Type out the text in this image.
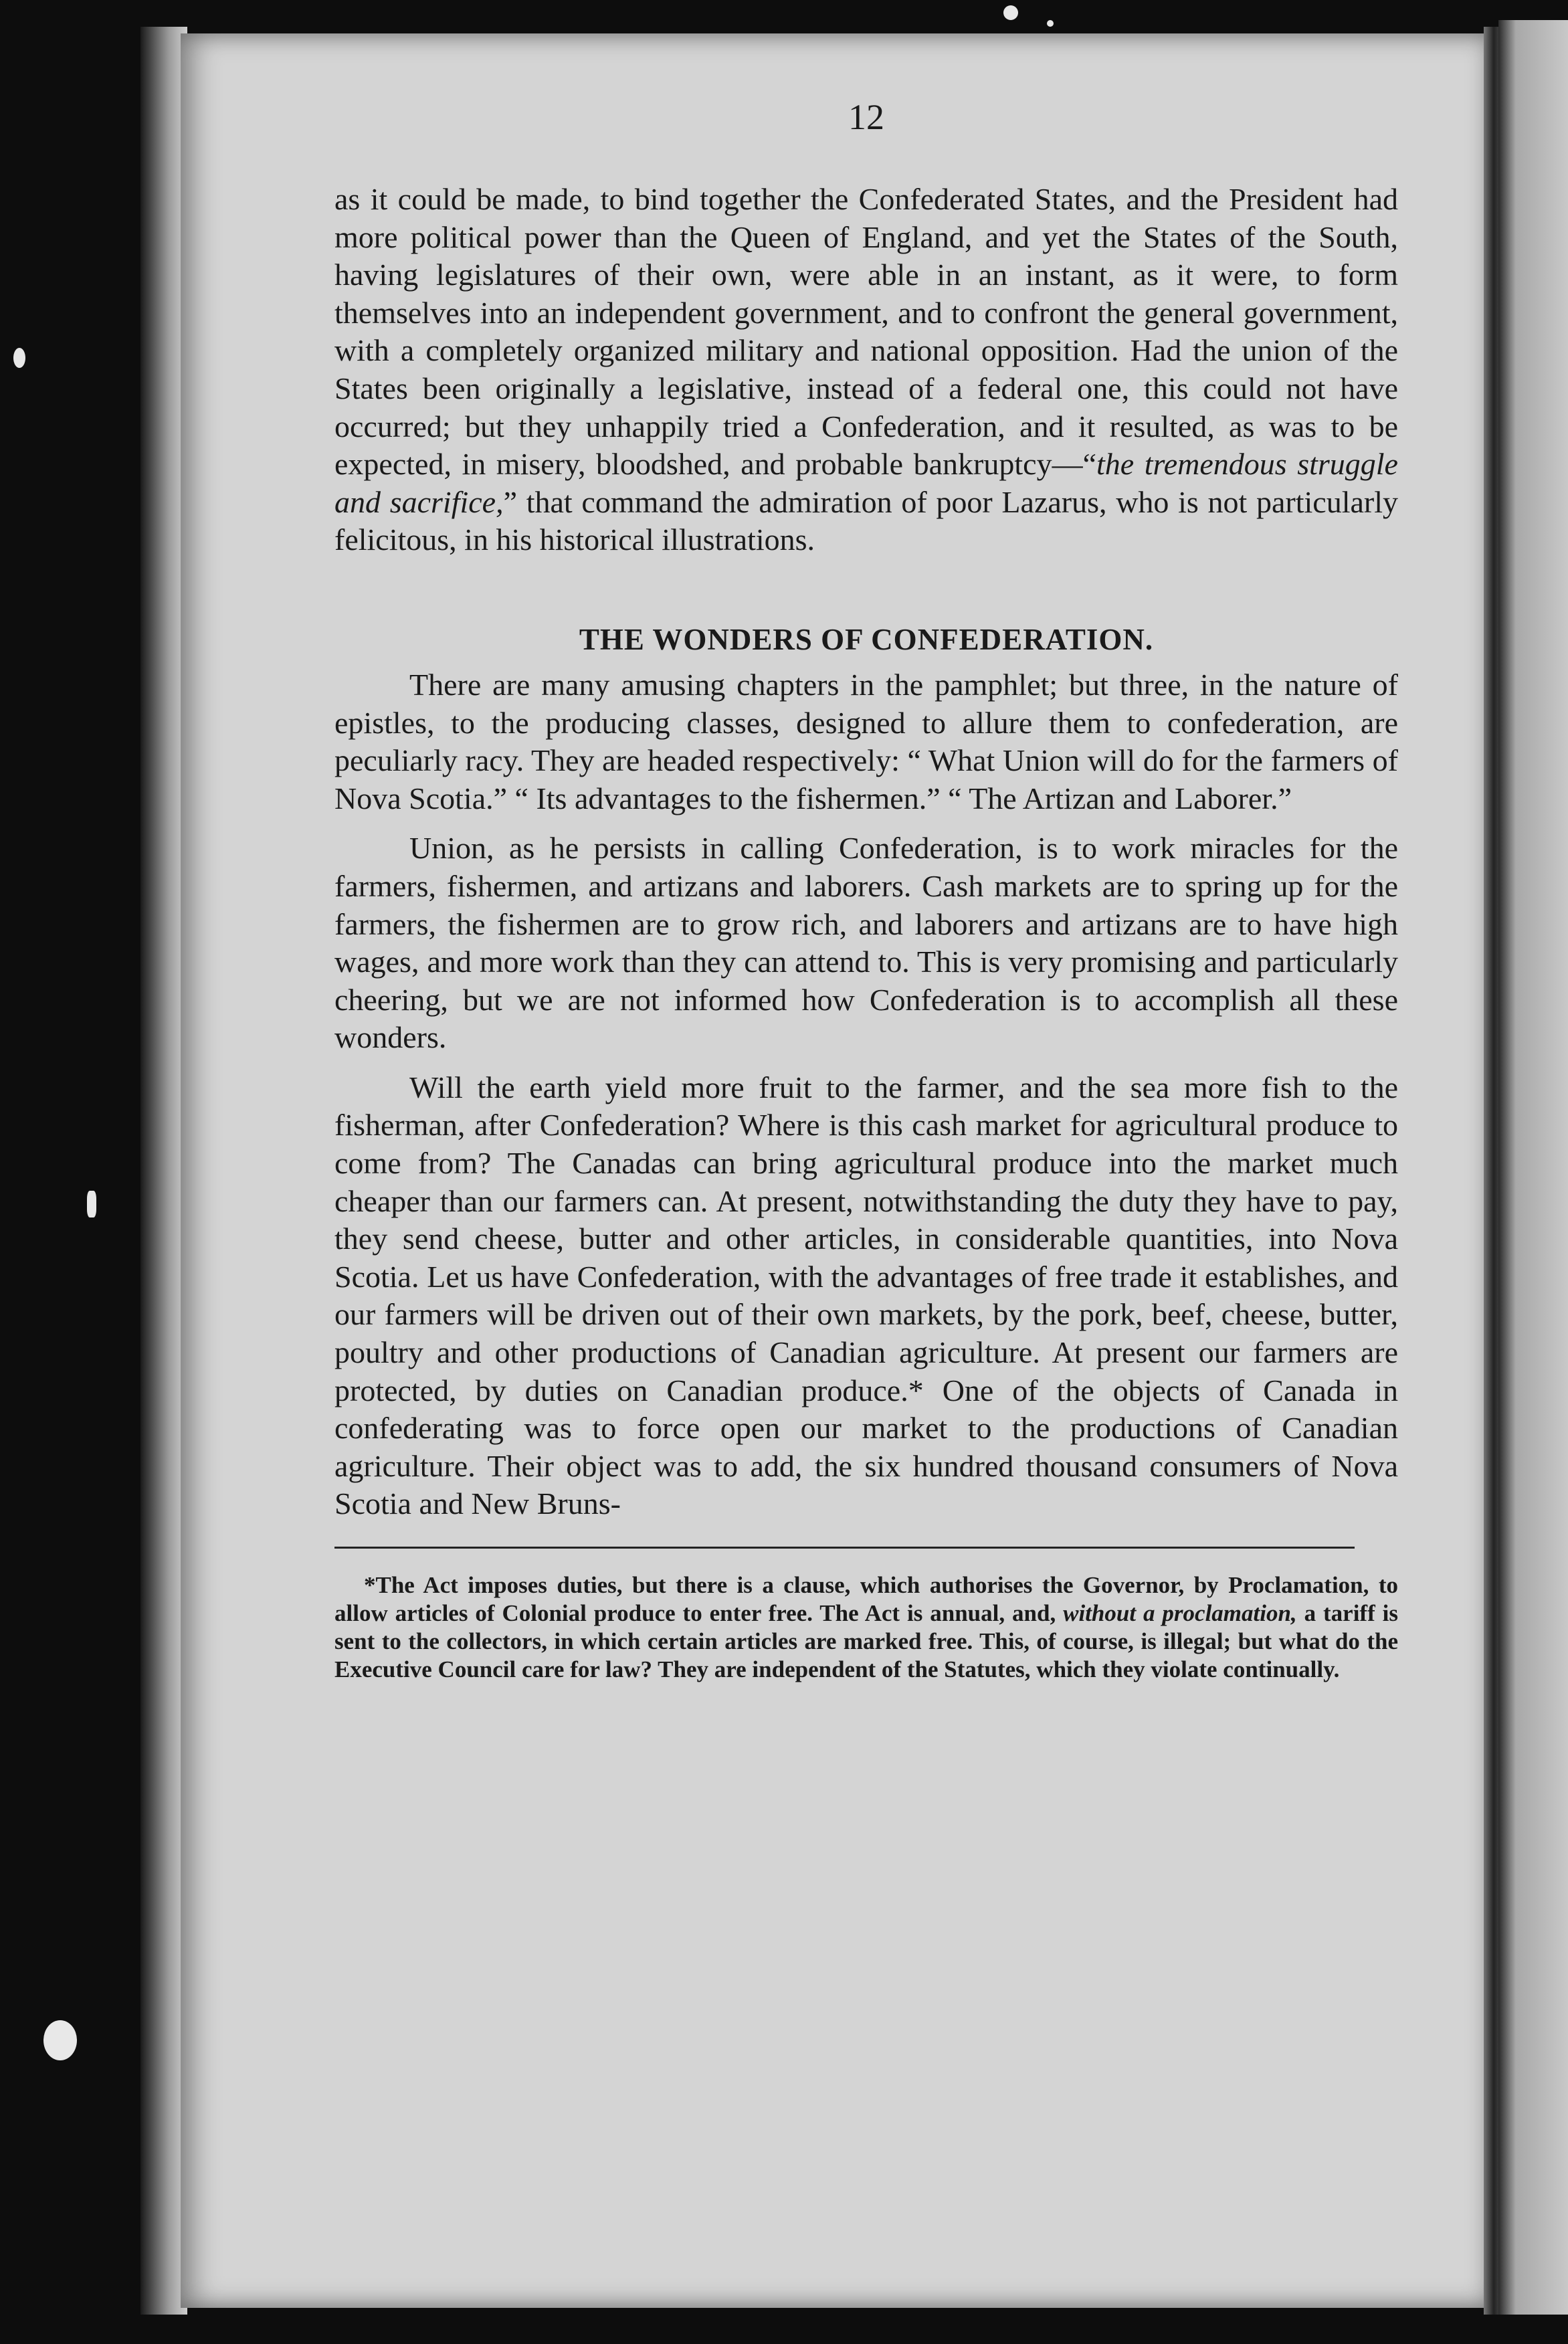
12

as it could be made, to bind together the Confederated States, and the President had more political power than the Queen of England, and yet the States of the South, having legislatures of their own, were able in an instant, as it were, to form themselves into an independent government, and to confront the general government, with a completely organized military and national opposition. Had the union of the States been originally a legislative, instead of a federal one, this could not have occurred; but they unhappily tried a Confederation, and it resulted, as was to be expected, in misery, bloodshed, and probable bankruptcy—“the tremendous struggle and sacrifice,” that command the admiration of poor Lazarus, who is not particularly felicitous, in his historical illustrations.

THE WONDERS OF CONFEDERATION.

There are many amusing chapters in the pamphlet; but three, in the nature of epistles, to the producing classes, designed to allure them to confederation, are peculiarly racy. They are headed respectively: “ What Union will do for the farmers of Nova Scotia.” “ Its advantages to the fishermen.” “ The Artizan and Laborer.”

Union, as he persists in calling Confederation, is to work miracles for the farmers, fishermen, and artizans and laborers. Cash markets are to spring up for the farmers, the fishermen are to grow rich, and laborers and artizans are to have high wages, and more work than they can attend to. This is very promising and particularly cheering, but we are not informed how Confederation is to accomplish all these wonders.

Will the earth yield more fruit to the farmer, and the sea more fish to the fisherman, after Confederation? Where is this cash market for agricultural produce to come from? The Canadas can bring agricultural produce into the market much cheaper than our farmers can. At present, notwithstanding the duty they have to pay, they send cheese, butter and other articles, in considerable quantities, into Nova Scotia. Let us have Confederation, with the advantages of free trade it establishes, and our farmers will be driven out of their own markets, by the pork, beef, cheese, butter, poultry and other productions of Canadian agriculture. At present our farmers are protected, by duties on Canadian produce.* One of the objects of Canada in confederating was to force open our market to the productions of Canadian agriculture. Their object was to add, the six hundred thousand consumers of Nova Scotia and New Bruns-

*The Act imposes duties, but there is a clause, which authorises the Governor, by Proclamation, to allow articles of Colonial produce to enter free. The Act is annual, and, without a proclamation, a tariff is sent to the collectors, in which certain articles are marked free. This, of course, is illegal; but what do the Executive Council care for law? They are independent of the Statutes, which they violate continually.
